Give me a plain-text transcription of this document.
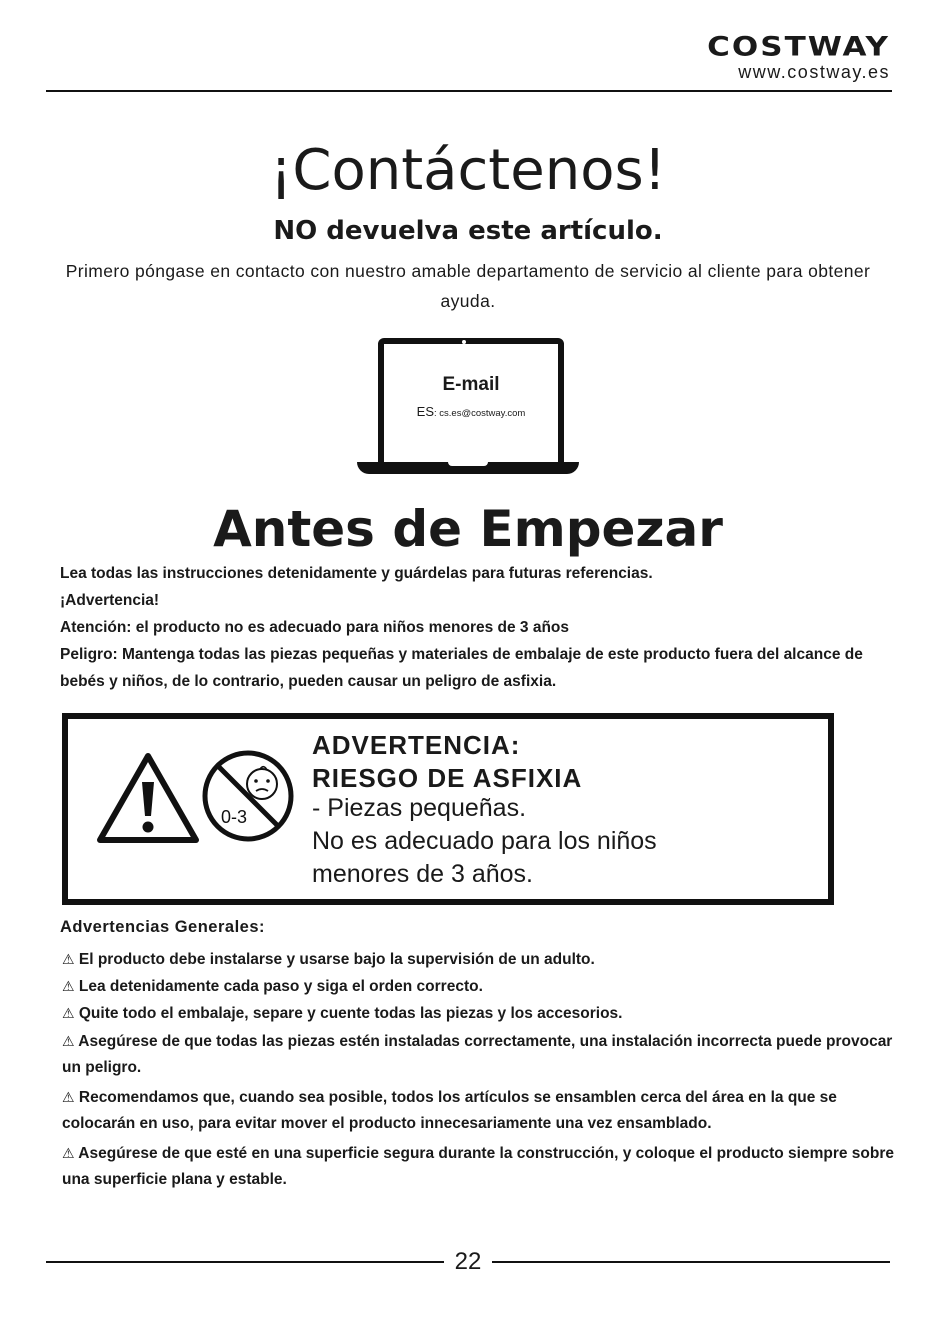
COSTWAY
www.costway.es
¡Contáctenos!
NO devuelva este artículo.
Primero póngase en contacto con nuestro amable departamento de servicio al cliente para obtener ayuda.
E-mail
ES: cs.es@costway.com
Antes de Empezar
Lea todas las instrucciones detenidamente y guárdelas para futuras referencias.
¡Advertencia!
Atención: el producto no es adecuado para niños menores de 3 años
Peligro: Mantenga todas las piezas pequeñas y materiales de embalaje de este producto fuera del alcance de bebés y niños, de lo contrario, pueden causar un peligro de asfixia.
0-3
ADVERTENCIA:
RIESGO DE ASFIXIA
- Piezas pequeñas.
No es adecuado para los niños
menores de 3 años.
Advertencias Generales:
⚠ El producto debe instalarse y usarse bajo la supervisión de un adulto.
⚠ Lea detenidamente cada paso y siga el orden correcto.
⚠ Quite todo el embalaje, separe y cuente todas las piezas y los accesorios.
⚠ Asegúrese de que todas las piezas estén instaladas correctamente, una instalación incorrecta puede provocar un peligro.
⚠ Recomendamos que, cuando sea posible, todos los artículos se ensamblen cerca del área en la que se colocarán en uso, para evitar mover el producto innecesariamente una vez ensamblado.
⚠ Asegúrese de que esté en una superficie segura durante la construcción, y coloque el producto siempre sobre una superficie plana y estable.
22
